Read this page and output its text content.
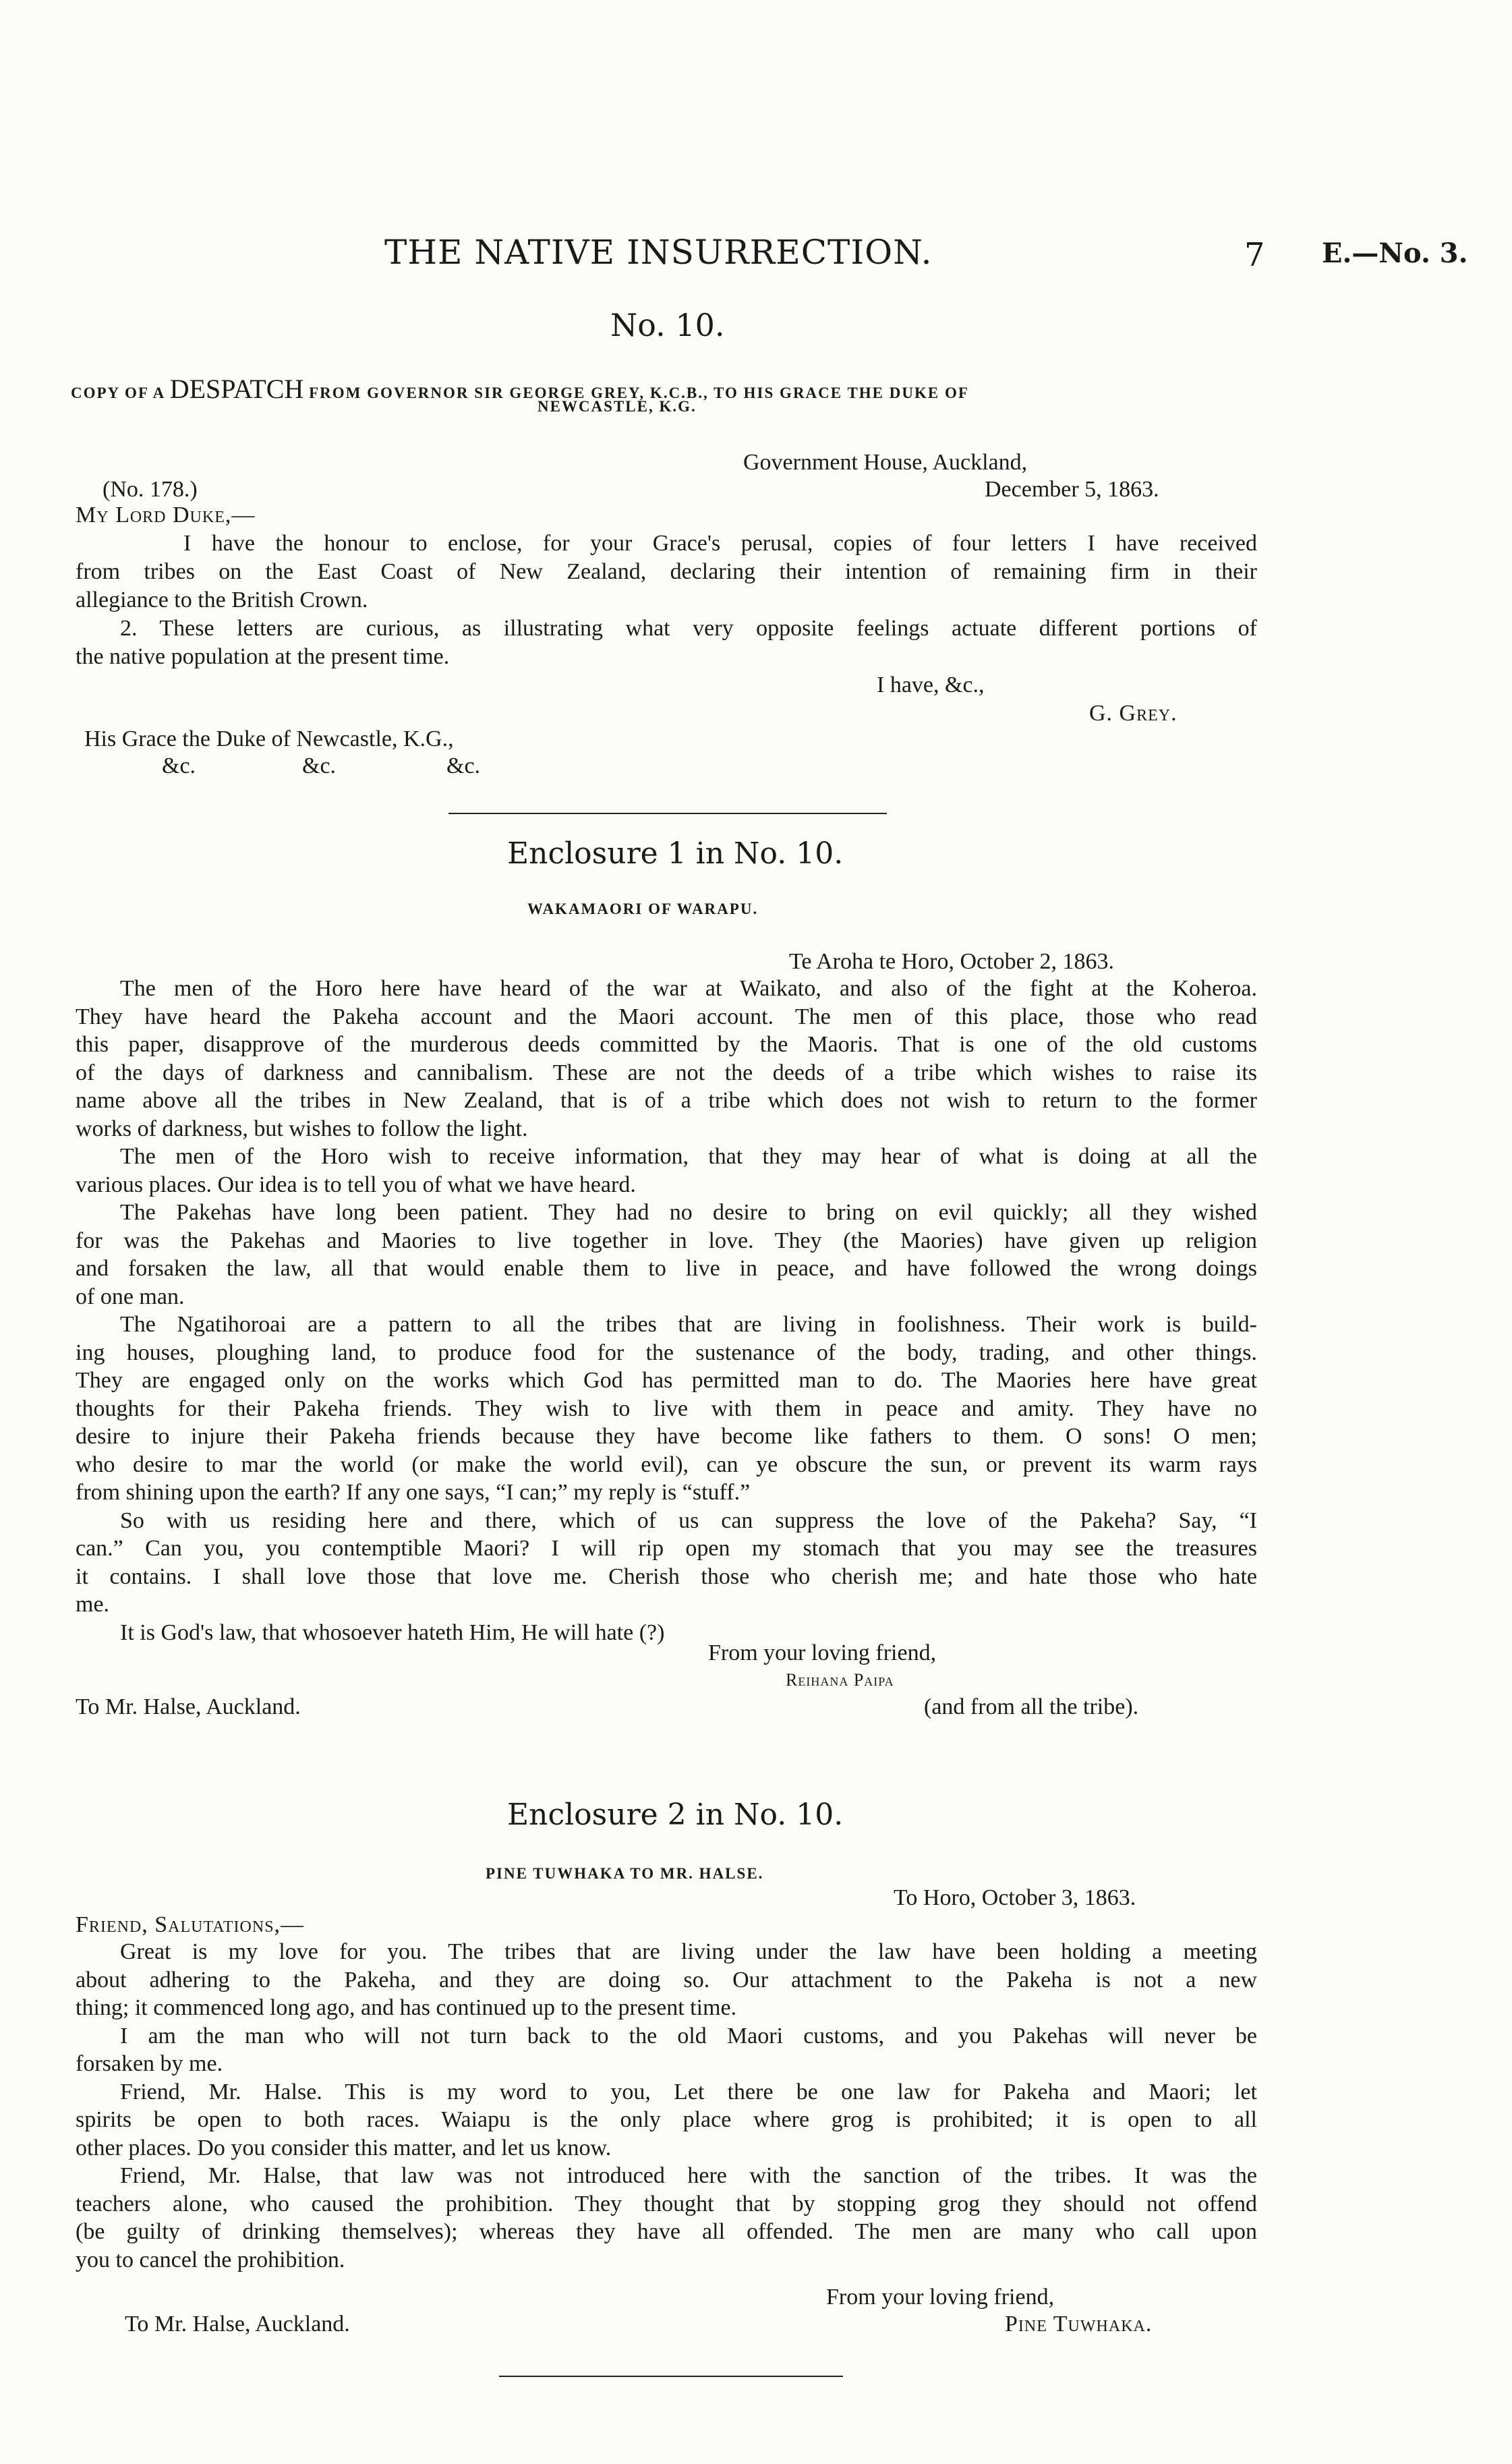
THE NATIVE INSURRECTION.	7 E.—No. 3.
No. 10.
COPY OF A DESPATCH FROM GOVERNOR SIR GEORGE GREY, K.C.B., TO HIS GRACE THE DUKE OF
NEWCASTLE, K.G.
Government House, Auckland,
(No. 178.)	December 5, 1863.
My Lord Duke,—
I have the honour to enclose, for your Grace's perusal, copies of four letters I have received
from tribes on the East Coast of New Zealand, declaring their intention of remaining firm in their
allegiance to the British Crown.
2. These letters are curious, as illustrating what very opposite feelings actuate different portions of
the native population at the present time.
I have, &c.,
G. Grey.
His Grace the Duke of Newcastle, K.G.,
&c.	&c.	&c.
Enclosure 1 in No. 10.
WAKAMAORI OF WARAPU.
Te Aroha te Horo, October 2, 1863.
The men of the Horo here have heard of the war at Waikato, and also of the fight at the Koheroa.
They have heard the Pakeha account and the Maori account. The men of this place, those who read
this paper, disapprove of the murderous deeds committed by the Maoris. That is one of the old customs
of the days of darkness and cannibalism. These are not the deeds of a tribe which wishes to raise its
name above all the tribes in New Zealand, that is of a tribe which does not wish to return to the former
works of darkness, but wishes to follow the light.
The men of the Horo wish to receive information, that they may hear of what is doing at all the
various places. Our idea is to tell you of what we have heard.
The Pakehas have long been patient. They had no desire to bring on evil quickly; all they wished
for was the Pakehas and Maories to live together in love. They (the Maories) have given up religion
and forsaken the law, all that would enable them to live in peace, and have followed the wrong doings
of one man.
The Ngatihoroai are a pattern to all the tribes that are living in foolishness. Their work is build-
ing houses, ploughing land, to produce food for the sustenance of the body, trading, and other things.
They are engaged only on the works which God has permitted man to do. The Maories here have great
thoughts for their Pakeha friends. They wish to live with them in peace and amity. They have no
desire to injure their Pakeha friends because they have become like fathers to them. O sons! O men;
who desire to mar the world (or make the world evil), can ye obscure the sun, or prevent its warm rays
from shining upon the earth? If any one says, “I can;” my reply is “stuff.”
So with us residing here and there, which of us can suppress the love of the Pakeha? Say, “I
can.” Can you, you contemptible Maori? I will rip open my stomach that you may see the treasures
it contains. I shall love those that love me. Cherish those who cherish me; and hate those who hate
me.
It is God's law, that whosoever hateth Him, He will hate (?)
From your loving friend,
Reihana Paipa
To Mr. Halse, Auckland.	(and from all the tribe).
Enclosure 2 in No. 10.
PINE TUWHAKA TO MR. HALSE.
To Horo, October 3, 1863.
Friend, Salutations,—
Great is my love for you. The tribes that are living under the law have been holding a meeting
about adhering to the Pakeha, and they are doing so. Our attachment to the Pakeha is not a new
thing; it commenced long ago, and has continued up to the present time.
I am the man who will not turn back to the old Maori customs, and you Pakehas will never be
forsaken by me.
Friend, Mr. Halse. This is my word to you, Let there be one law for Pakeha and Maori; let
spirits be open to both races. Waiapu is the only place where grog is prohibited; it is open to all
other places. Do you consider this matter, and let us know.
Friend, Mr. Halse, that law was not introduced here with the sanction of the tribes. It was the
teachers alone, who caused the prohibition. They thought that by stopping grog they should not offend
(be guilty of drinking themselves); whereas they have all offended. The men are many who call upon
you to cancel the prohibition.
From your loving friend,
To Mr. Halse, Auckland.	Pine Tuwhaka.
